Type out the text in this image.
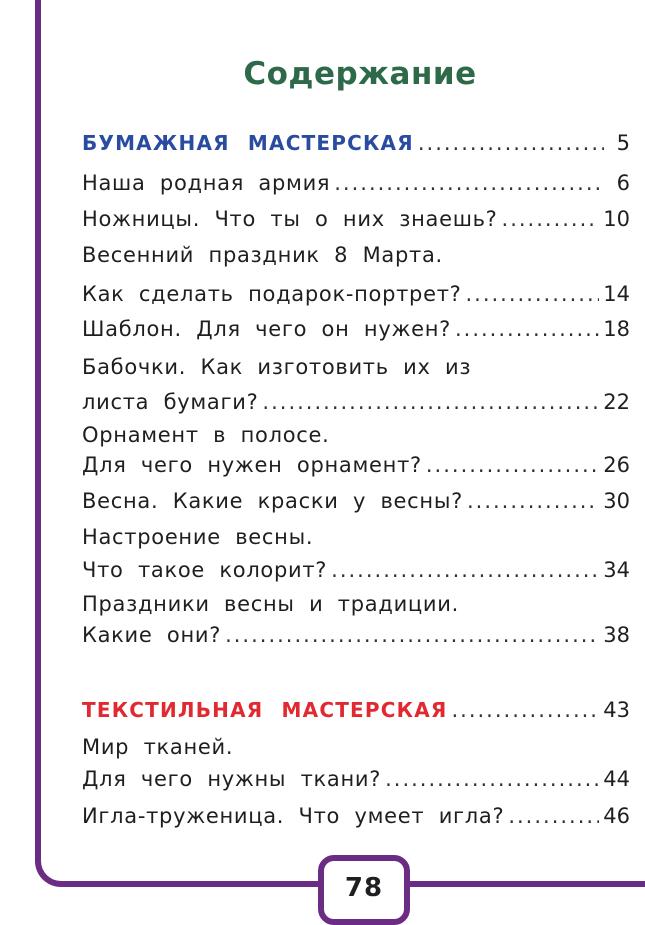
Содержание
БУМАЖНАЯ МАСТЕРСКАЯ .....	5
Наша родная армия .....	6
Ножницы. Что ты о них знаешь? .....	10
Весенний праздник 8 Марта.
Как сделать подарок-портрет? .....	14
Шаблон. Для чего он нужен? .....	18
Бабочки. Как изготовить их из
листа бумаги? .....	22
Орнамент в полосе.
Для чего нужен орнамент? .....	26
Весна. Какие краски у весны? .....	30
Настроение весны.
Что такое колорит? .....	34
Праздники весны и традиции.
Какие они? .....	38
ТЕКСТИЛЬНАЯ МАСТЕРСКАЯ .....	43
Мир тканей.
Для чего нужны ткани? .....	44
Игла-труженица. Что умеет игла? .....	46
78
